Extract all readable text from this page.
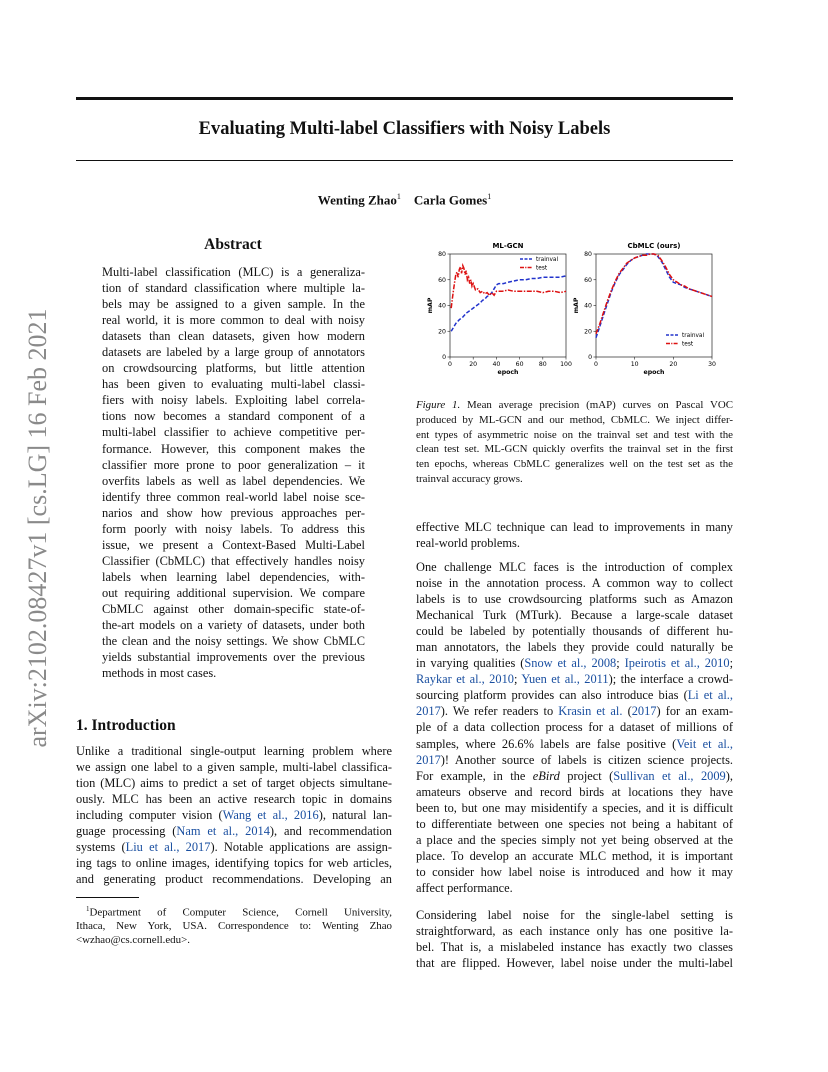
Evaluating Multi-label Classifiers with Noisy Labels
Wenting Zhao$^1$ Carla Gomes$^1$
arXiv:2102.08427v1 [cs.LG] 16 Feb 2021
Abstract
Multi-label classification (MLC) is a generaliza-
tion of standard classification where multiple la-
bels may be assigned to a given sample. In the
real world, it is more common to deal with noisy
datasets than clean datasets, given how modern
datasets are labeled by a large group of annotators
on crowdsourcing platforms, but little attention
has been given to evaluating multi-label classi-
fiers with noisy labels. Exploiting label correla-
tions now becomes a standard component of a
multi-label classifier to achieve competitive per-
formance. However, this component makes the
classifier more prone to poor generalization – it
overfits labels as well as label dependencies. We
identify three common real-world label noise sce-
narios and show how previous approaches per-
form poorly with noisy labels. To address this
issue, we present a Context-Based Multi-Label
Classifier (CbMLC) that effectively handles noisy
labels when learning label dependencies, with-
out requiring additional supervision. We compare
CbMLC against other domain-specific state-of-
the-art models on a variety of datasets, under both
the clean and the noisy settings. We show CbMLC
yields substantial improvements over the previous
methods in most cases.
1. Introduction
Unlike a traditional single-output learning problem where
we assign one label to a given sample, multi-label classifica-
tion (MLC) aims to predict a set of target objects simultane-
ously. MLC has been an active research topic in domains
including computer vision (Wang et al., 2016), natural lan-
guage processing (Nam et al., 2014), and recommendation
systems (Liu et al., 2017). Notable applications are assign-
ing tags to online images, identifying topics for web articles,
and generating product recommendations. Developing an
$^1$Department of Computer Science, Cornell University,
Ithaca, New York, USA. Correspondence to: Wenting Zhao
<wzhao@cs.cornell.edu>.
ML-GCN
0	20 40 60 80 100
0
20
40
60
80
epoch
mAP
trainval
test
CbMLC (ours)
0	10	20	30
0
20
40
60
80
epoch
mAP
trainval
test
Figure 1. Mean average precision (mAP) curves on Pascal VOC
produced by ML-GCN and our method, CbMLC. We inject differ-
ent types of asymmetric noise on the trainval set and test with the
clean test set. ML-GCN quickly overfits the trainval set in the first
ten epochs, whereas CbMLC generalizes well on the test set as the
trainval accuracy grows.
effective MLC technique can lead to improvements in many
real-world problems.
One challenge MLC faces is the introduction of complex
noise in the annotation process. A common way to collect
labels is to use crowdsourcing platforms such as Amazon
Mechanical Turk (MTurk). Because a large-scale dataset
could be labeled by potentially thousands of different hu-
man annotators, the labels they provide could naturally be
in varying qualities (Snow et al., 2008; Ipeirotis et al., 2010;
Raykar et al., 2010; Yuen et al., 2011); the interface a crowd-
sourcing platform provides can also introduce bias (Li et al.,
2017). We refer readers to Krasin et al. (2017) for an exam-
ple of a data collection process for a dataset of millions of
samples, where 26.6% labels are false positive (Veit et al.,
2017)! Another source of labels is citizen science projects.
For example, in the eBird project (Sullivan et al., 2009),
amateurs observe and record birds at locations they have
been to, but one may misidentify a species, and it is difficult
to differentiate between one species not being a habitant of
a place and the species simply not yet being observed at the
place. To develop an accurate MLC method, it is important
to consider how label noise is introduced and how it may
affect performance.
Considering label noise for the single-label setting is
straightforward, as each instance only has one positive la-
bel. That is, a mislabeled instance has exactly two classes
that are flipped. However, label noise under the multi-label
